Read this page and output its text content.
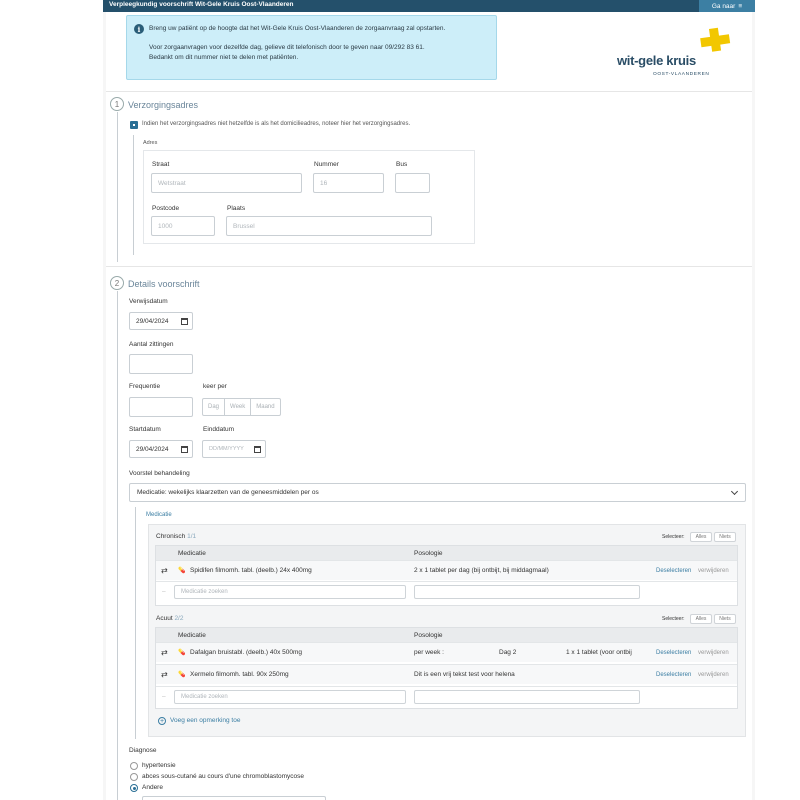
Verpleegkundig voorschrift Wit-Gele Kruis Oost-Vlaanderen	Ga naar ≡
i	Breng uw patiënt op de hoogte dat het Wit-Gele Kruis Oost-Vlaanderen de zorgaanvraag zal opstarten.

Voor zorgaanvragen voor dezelfde dag, gelieve dit telefonisch door te geven naar 09/292 83 61.

Bedankt om dit nummer niet te delen met patiënten.	wit-gele kruis
OOST-VLAANDEREN
1 Verzorgingsadres
Indien het verzorgingsadres niet hetzelfde is als het domicilieadres, noteer hier het verzorgingsadres.
Adres
Straat	Nummer	Bus
Wetstraat	16
Postcode	Plaats
1000	Brussel
2 Details voorschrift
Verwijsdatum
29/04/2024
Aantal zittingen
Frequentie	keer per
Dag	Week	Maand
Startdatum	Einddatum
29/04/2024	DD/MM/YYYY
Voorstel behandeling
Medicatie: wekelijks klaarzetten van de geneesmiddelen per os
Medicatie
Chronisch 1/1	Selecteer:	Alles	Niets
Medicatie	Posologie
⇄ 💊 Spidifen filmomh. tabl. (deelb.) 24x 400mg	2 x 1 tablet per dag (bij ontbijt, bij middagmaal)	Deselecteren verwijderen
–	Medicatie zoeken
Acuut 2/2	Selecteer:	Alles	Niets
Medicatie	Posologie
⇄ 💊 Dafalgan bruistabl. (deelb.) 40x 500mg	per week :	Dag 2	1 x 1 tablet (voor ontbij	Deselecteren verwijderen
⇄ 💊 Xermelo filmomh. tabl. 90x 250mg	Dit is een vrij tekst test voor helena	Deselecteren verwijderen
–	Medicatie zoeken
+ Voeg een opmerking toe
Diagnose
hypertensie
abces sous-cutané au cours d'une chromoblastomycose
Andere
